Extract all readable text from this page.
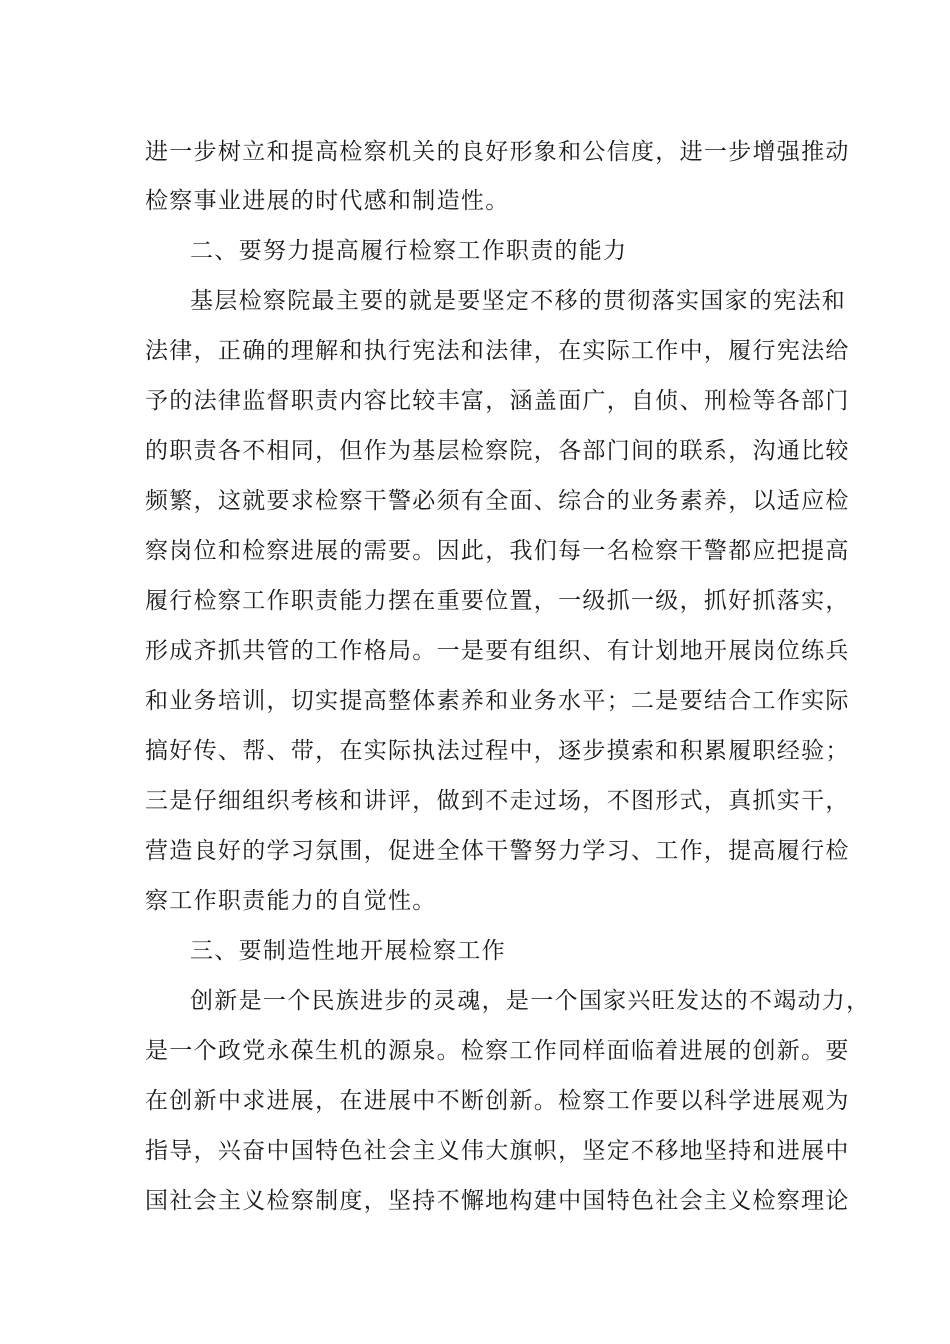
进一步树立和提高检察机关的良好形象和公信度，进一步增强推动
检察事业进展的时代感和制造性。
二、要努力提高履行检察工作职责的能力
基层检察院最主要的就是要坚定不移的贯彻落实国家的宪法和
法律，正确的理解和执行宪法和法律，在实际工作中，履行宪法给
予的法律监督职责内容比较丰富，涵盖面广，自侦、刑检等各部门
的职责各不相同，但作为基层检察院，各部门间的联系，沟通比较
频繁，这就要求检察干警必须有全面、综合的业务素养，以适应检
察岗位和检察进展的需要。因此，我们每一名检察干警都应把提高
履行检察工作职责能力摆在重要位置，一级抓一级，抓好抓落实，
形成齐抓共管的工作格局。一是要有组织、有计划地开展岗位练兵
和业务培训，切实提高整体素养和业务水平；二是要结合工作实际
搞好传、帮、带，在实际执法过程中，逐步摸索和积累履职经验；
三是仔细组织考核和讲评，做到不走过场，不图形式，真抓实干，
营造良好的学习氛围，促进全体干警努力学习、工作，提高履行检
察工作职责能力的自觉性。
三、要制造性地开展检察工作
创新是一个民族进步的灵魂，是一个国家兴旺发达的不竭动力，
是一个政党永葆生机的源泉。检察工作同样面临着进展的创新。要
在创新中求进展，在进展中不断创新。检察工作要以科学进展观为
指导，兴奋中国特色社会主义伟大旗帜，坚定不移地坚持和进展中
国社会主义检察制度，坚持不懈地构建中国特色社会主义检察理论
